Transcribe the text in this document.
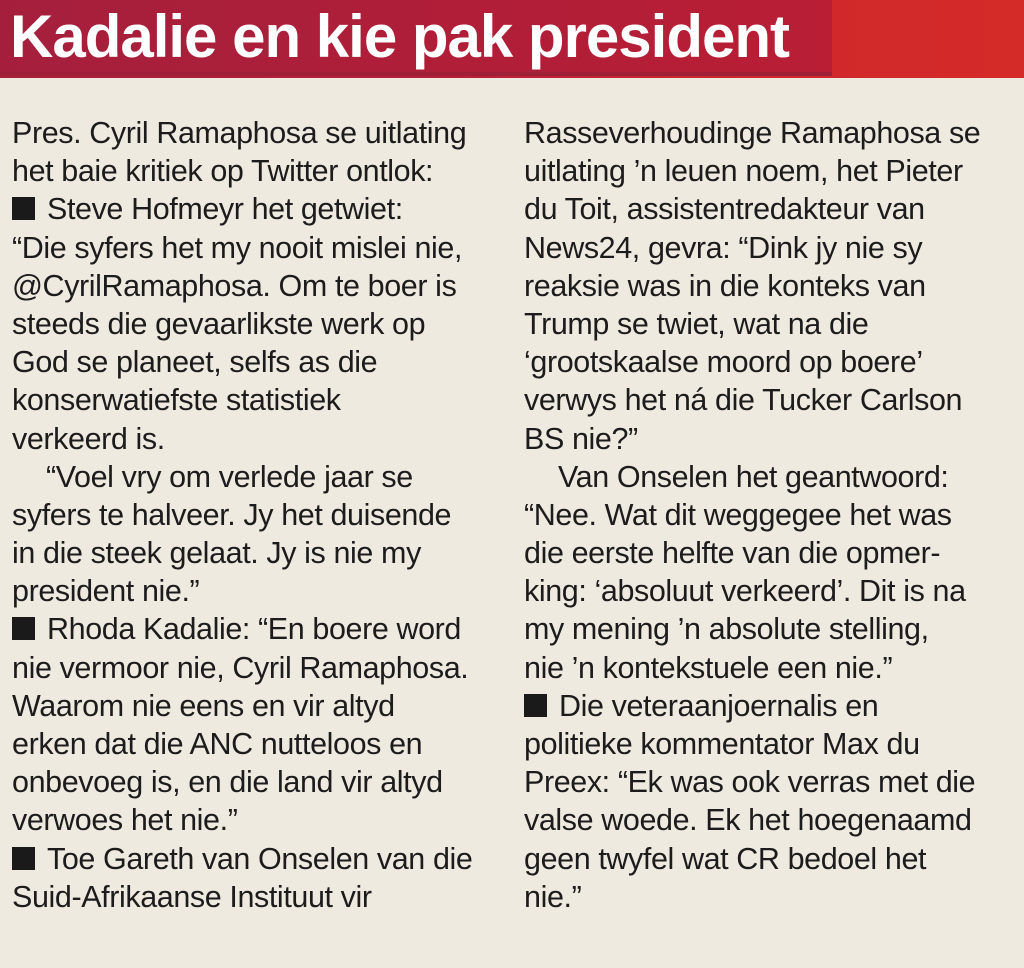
Kadalie en kie pak president
Pres. Cyril Ramaphosa se uitlating
het baie kritiek op Twitter ontlok:
Steve Hofmeyr het getwiet:
“Die syfers het my nooit mislei nie,
@CyrilRamaphosa. Om te boer is
steeds die gevaarlikste werk op
God se planeet, selfs as die
konserwatiefste statistiek
verkeerd is.
“Voel vry om verlede jaar se
syfers te halveer. Jy het duisende
in die steek gelaat. Jy is nie my
president nie.”
Rhoda Kadalie: “En boere word
nie vermoor nie, Cyril Ramaphosa.
Waarom nie eens en vir altyd
erken dat die ANC nutteloos en
onbevoeg is, en die land vir altyd
verwoes het nie.”
Toe Gareth van Onselen van die
Suid-Afrikaanse Instituut vir
Rasseverhoudinge Ramaphosa se
uitlating ’n leuen noem, het Pieter
du Toit, assistentredakteur van
News24, gevra: “Dink jy nie sy
reaksie was in die konteks van
Trump se twiet, wat na die
‘grootskaalse moord op boere’
verwys het ná die Tucker Carlson
BS nie?”
Van Onselen het geantwoord:
“Nee. Wat dit weggegee het was
die eerste helfte van die opmer-
king: ‘absoluut verkeerd’. Dit is na
my mening ’n absolute stelling,
nie ’n kontekstuele een nie.”
Die veteraanjoernalis en
politieke kommentator Max du
Preex: “Ek was ook verras met die
valse woede. Ek het hoegenaamd
geen twyfel wat CR bedoel het
nie.”
